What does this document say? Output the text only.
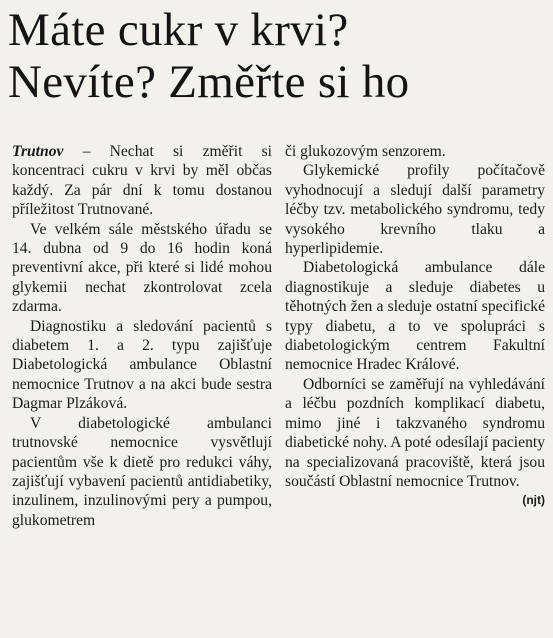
Máte cukr v krvi?
Nevíte? Změřte si ho

Trutnov – Nechat si změřit si koncentraci cukru v krvi by měl občas každý. Za pár dní k tomu dostanou příležitost Trutnované.

Ve velkém sále městského úřadu se 14. dubna od 9 do 16 hodin koná preventivní akce, při které si lidé mohou glykemii nechat zkontrolovat zcela zdarma.

Diagnostiku a sledování pacientů s diabetem 1. a 2. typu zajišťuje Diabetologická ambulance Oblastní nemocnice Trutnov a na akci bude sestra Dagmar Plzáková.

V diabetologické ambulanci trutnovské nemocnice vysvětlují pacientům vše k dietě pro redukci váhy, zajišťují vybavení pacientů antidiabetiky, inzulinem, inzulinovými pery a pumpou, glukometrem

či glukozovým senzorem.

Glykemické profily počítačově vyhodnocují a sledují další parametry léčby tzv. metabolického syndromu, tedy vysokého krevního tlaku a hyperlipidemie.

Diabetologická ambulance dále diagnostikuje a sleduje diabetes u těhotných žen a sleduje ostatní specifické typy diabetu, a to ve spolupráci s diabetologickým centrem Fakultní nemocnice Hradec Králové.

Odborníci se zaměřují na vyhledávání a léčbu pozdních komplikací diabetu, mimo jiné i takzvaného syndromu diabetické nohy. A poté odesílají pacienty na specializovaná pracoviště, která jsou součástí Oblastní nemocnice Trutnov.
(njt)
